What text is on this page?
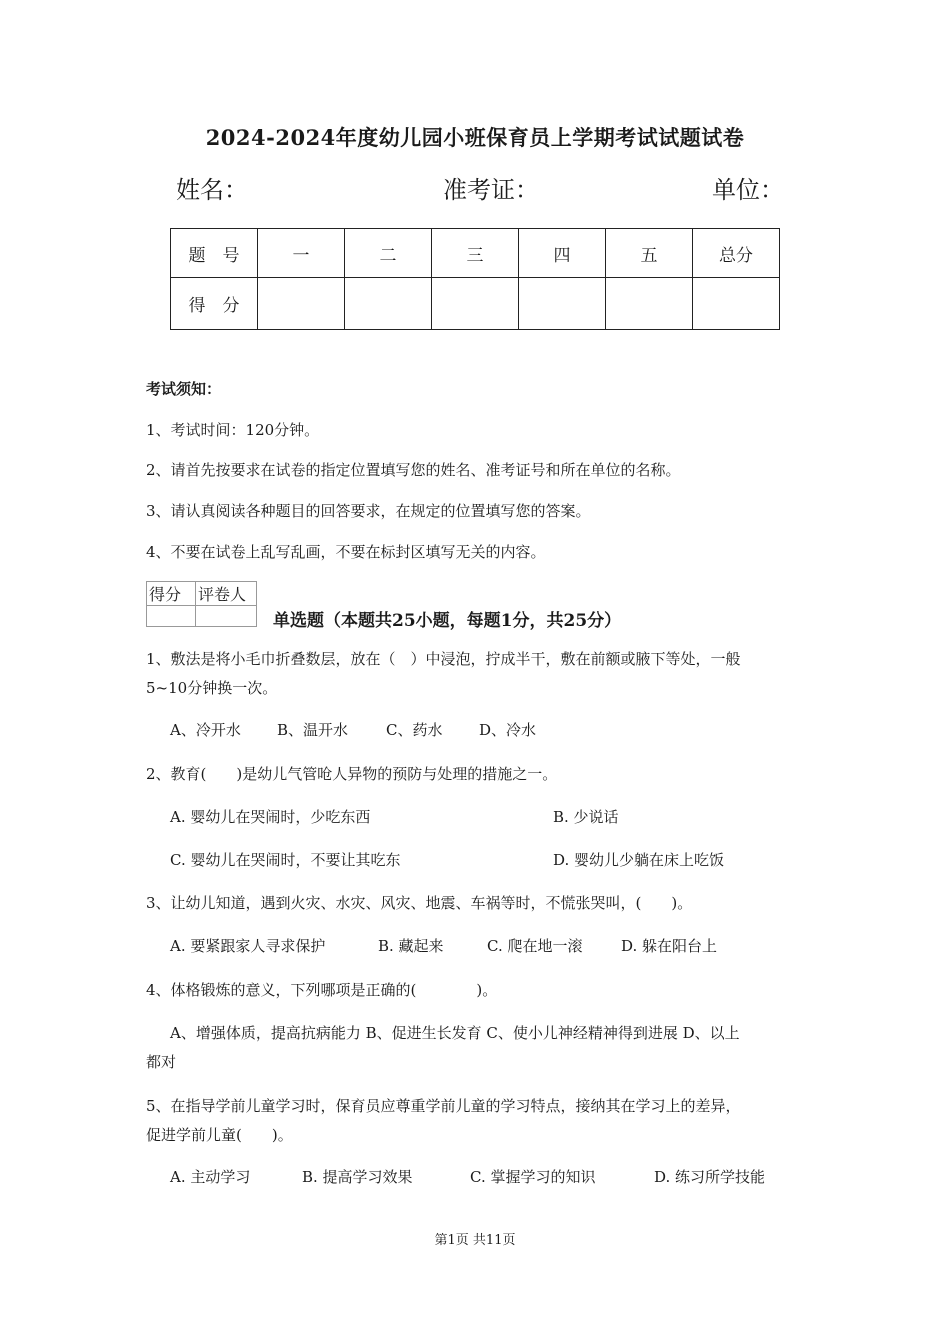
2024-2024年度幼儿园小班保育员上学期考试试题试卷
姓名：	准考证：	单位：
题　号	一	二	三	四	五	总分
得　分						
考试须知：
1、考试时间：120分钟。
2、请首先按要求在试卷的指定位置填写您的姓名、准考证号和所在单位的名称。
3、请认真阅读各种题目的回答要求，在规定的位置填写您的答案。
4、不要在试卷上乱写乱画，不要在标封区填写无关的内容。
得分	评卷人

单选题（本题共25小题，每题1分，共25分）
1、敷法是将小毛巾折叠数层，放在（　）中浸泡，拧成半干，敷在前额或腋下等处，一般
5~10分钟换一次。
A、冷开水 B、温开水	C、药水 D、冷水
2、教育(　　)是幼儿气管呛人异物的预防与处理的措施之一。
A. 婴幼儿在哭闹时，少吃东西	B. 少说话
C. 婴幼儿在哭闹时，不要让其吃东	D. 婴幼儿少躺在床上吃饭
3、让幼儿知道，遇到火灾、水灾、风灾、地震、车祸等时，不慌张哭叫，(　　)。
A. 要紧跟家人寻求保护	B. 藏起来	C. 爬在地一滚	D. 躲在阳台上
4、体格锻炼的意义，下列哪项是正确的(　　　　)。
A、增强体质，提高抗病能力 B、促进生长发育 C、使小儿神经精神得到进展 D、以上
都对
5、在指导学前儿童学习时，保育员应尊重学前儿童的学习特点，接纳其在学习上的差异，
促进学前儿童(　　)。
A. 主动学习	B. 提高学习效果	C. 掌握学习的知识	D. 练习所学技能
第1页 共11页
